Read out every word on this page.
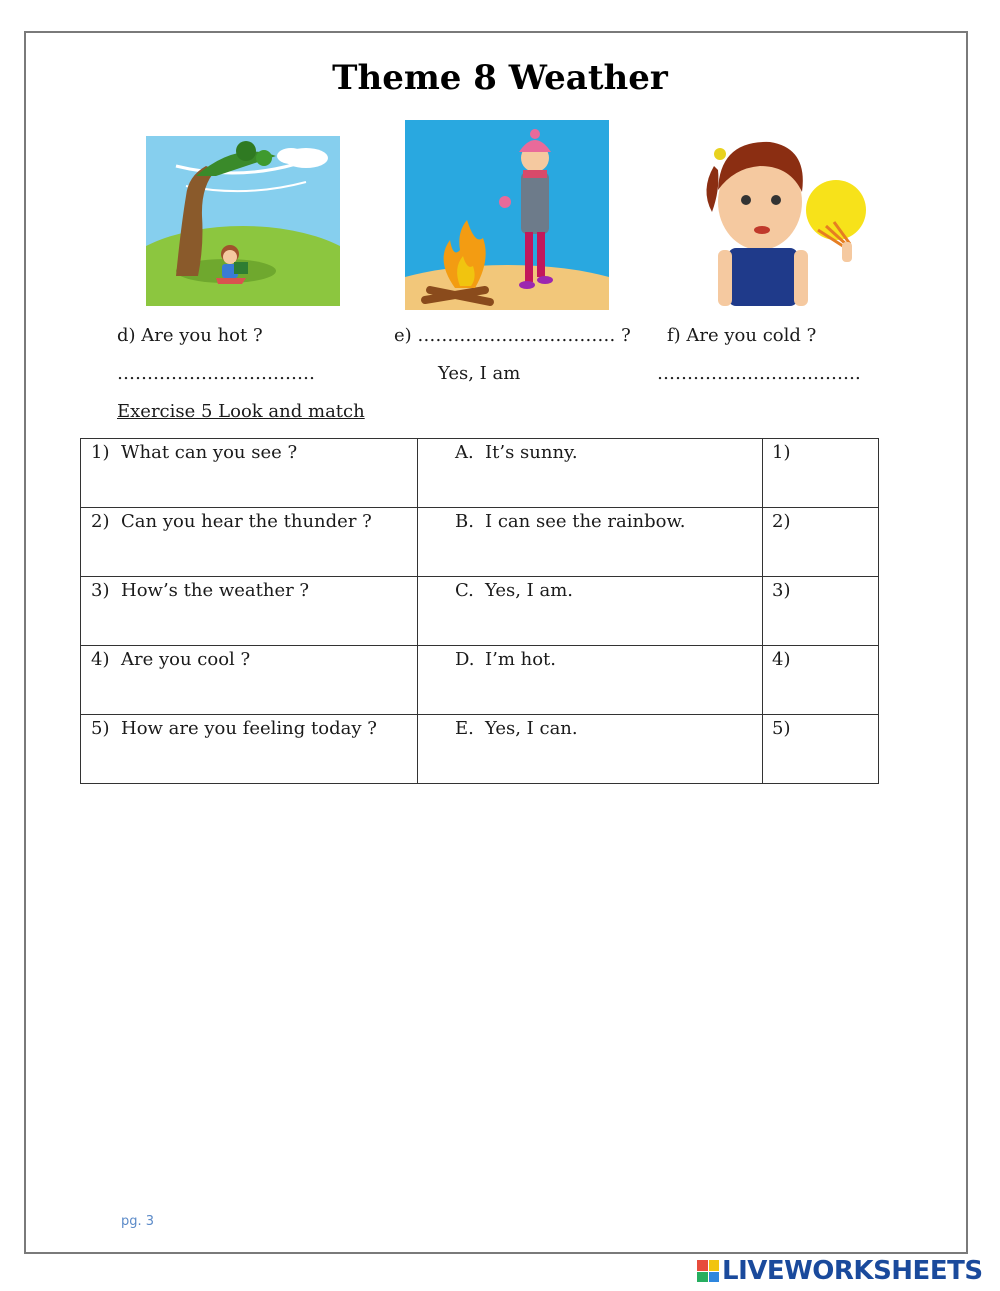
Theme 8 Weather
d) Are you hot ?	e) …………………………… ? f) Are you cold ?
……………………………	Yes, I am	…………………………….
Exercise 5 Look and match
1) What can you see ?	A. It’s sunny.	1)

2) Can you hear the thunder ?	B. I can see the rainbow.	2)

3) How’s the weather ?	C. Yes, I am.	3)

4) Are you cool ?	D. I’m hot.	4)

5) How are you feeling today ?	E. Yes, I can.	5)
pg. 3
LIVEWORKSHEETS
